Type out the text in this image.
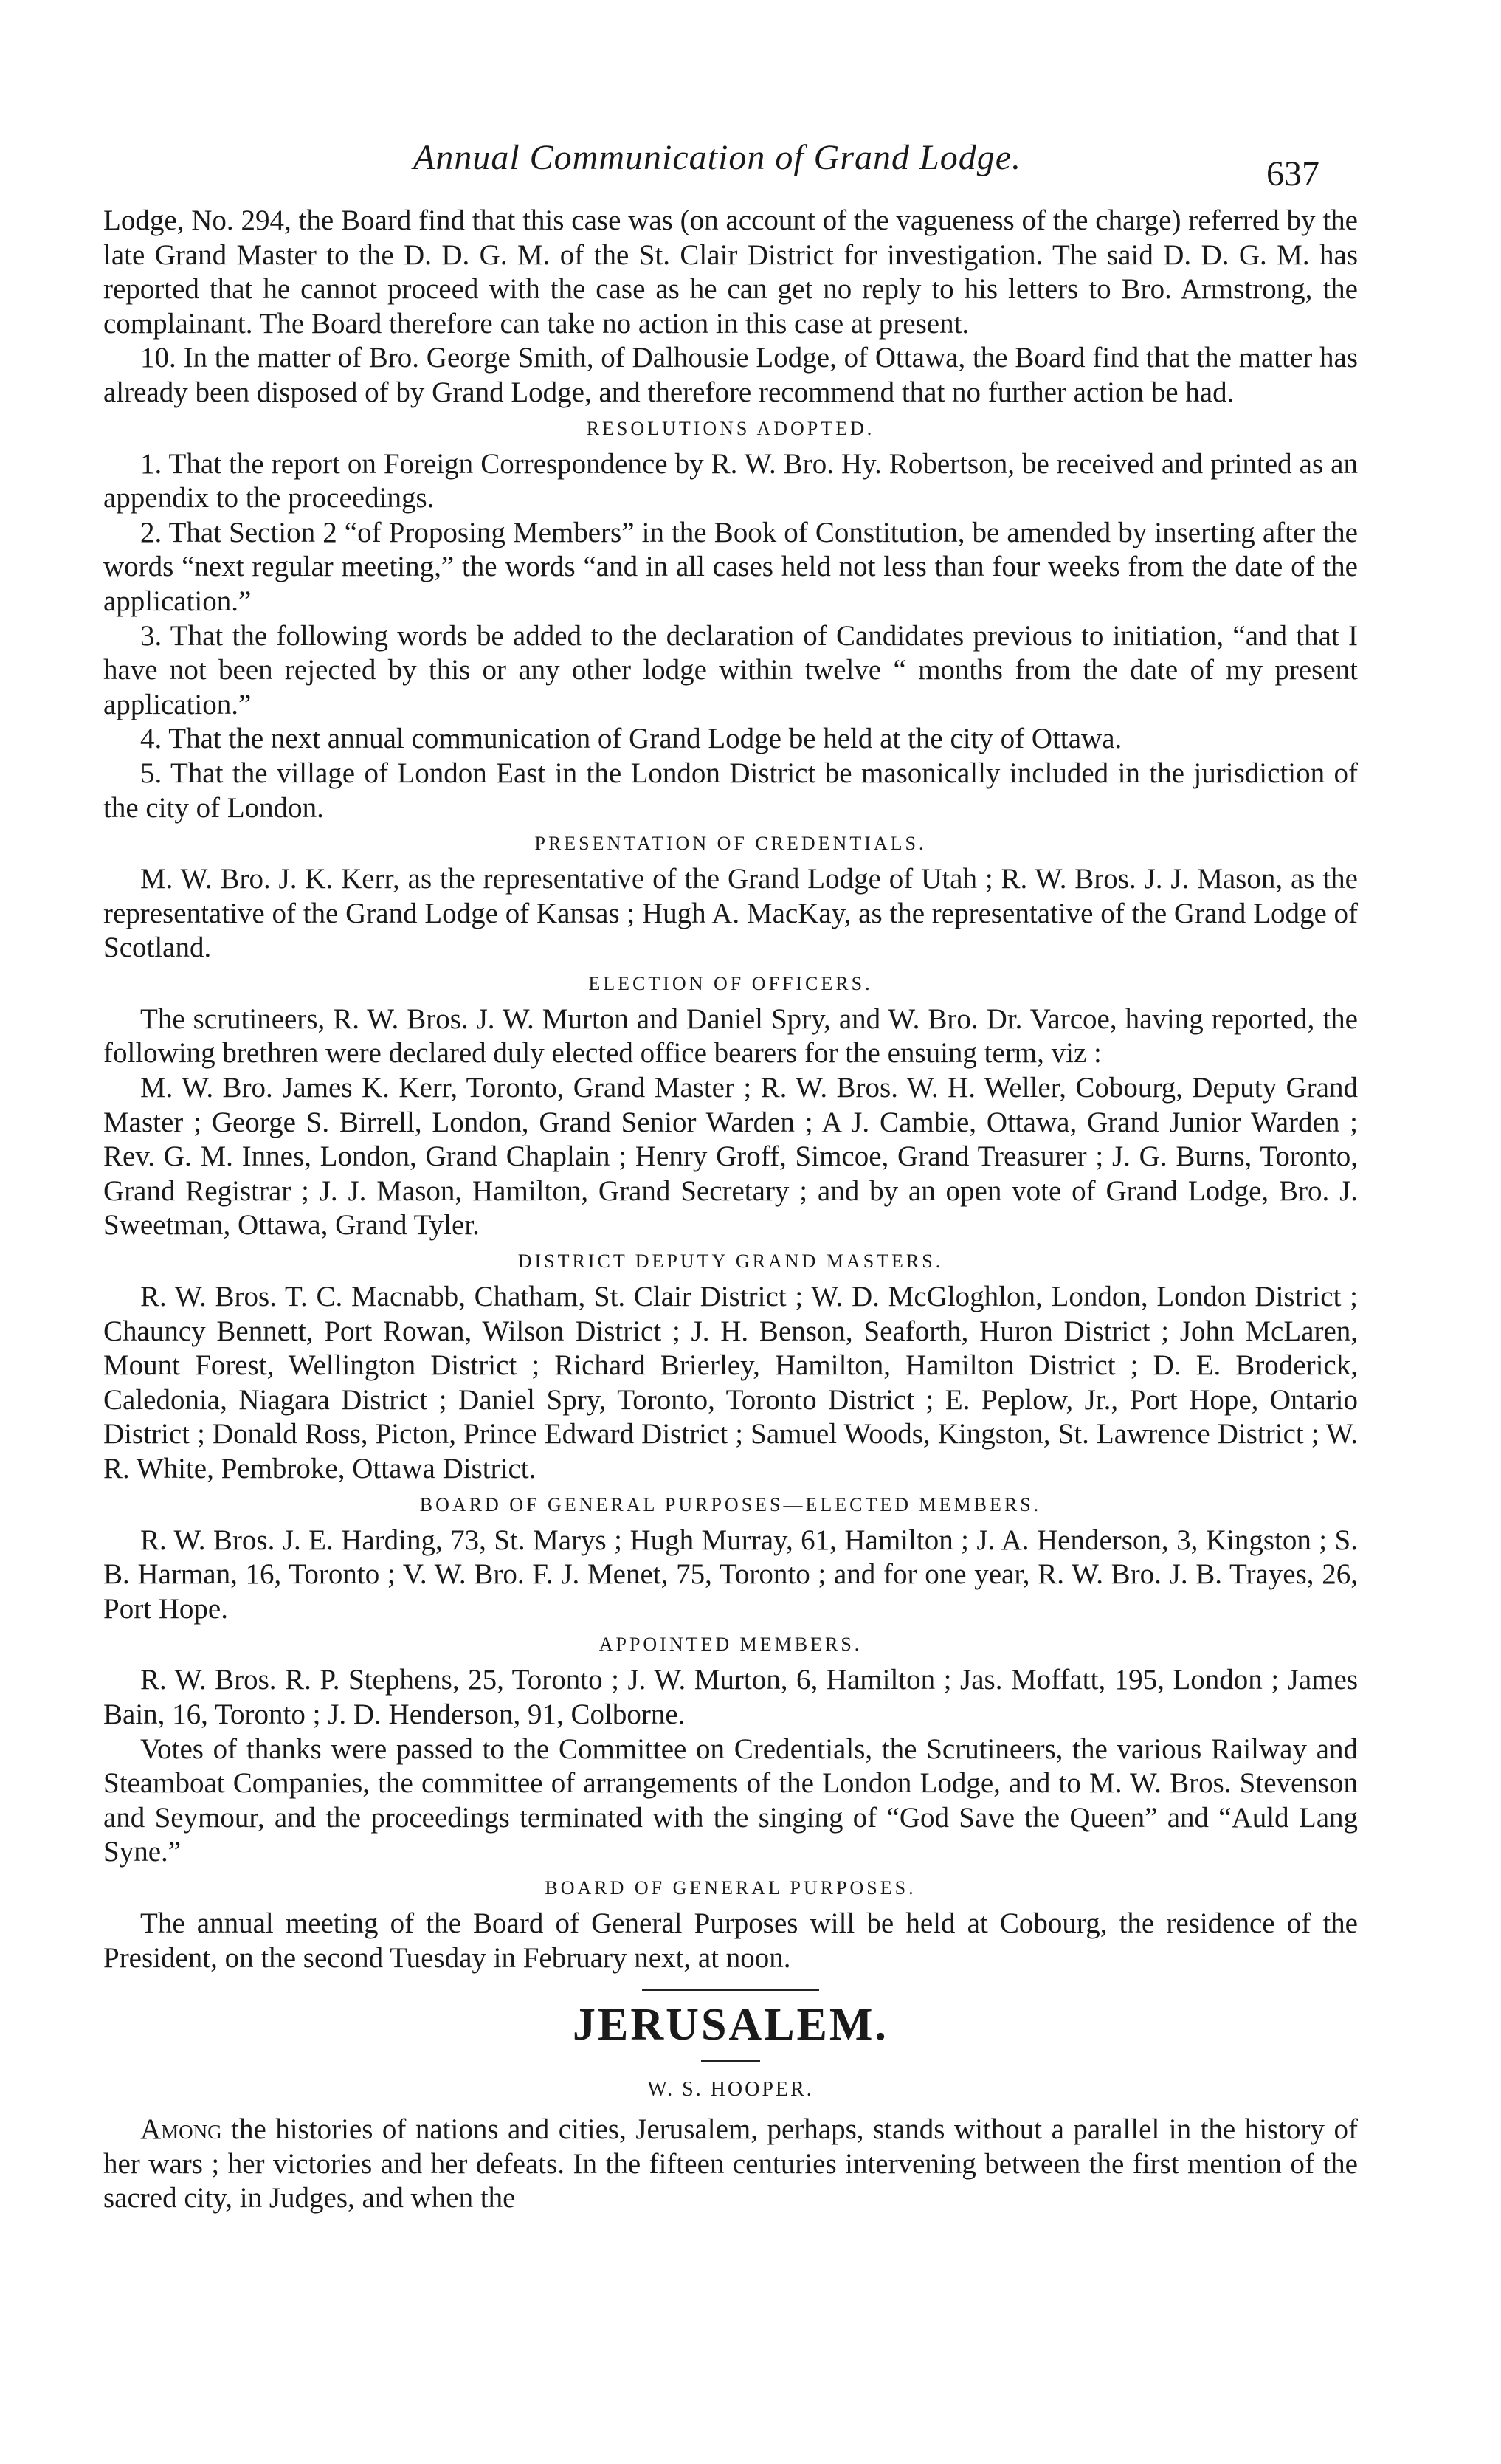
Annual Communication of Grand Lodge.	637

Lodge, No. 294, the Board find that this case was (on account of the vagueness of the charge) referred by the late Grand Master to the D. D. G. M. of the St. Clair District for investigation. The said D. D. G. M. has reported that he cannot proceed with the case as he can get no reply to his letters to Bro. Armstrong, the complainant. The Board therefore can take no action in this case at present.

10. In the matter of Bro. George Smith, of Dalhousie Lodge, of Ottawa, the Board find that the matter has already been disposed of by Grand Lodge, and therefore recommend that no further action be had.

RESOLUTIONS ADOPTED.

1. That the report on Foreign Correspondence by R. W. Bro. Hy. Robertson, be received and printed as an appendix to the proceedings.

2. That Section 2 “of Proposing Members” in the Book of Constitution, be amended by inserting after the words “next regular meeting,” the words “and in all cases held not less than four weeks from the date of the application.”

3. That the following words be added to the declaration of Candidates previous to initiation, “and that I have not been rejected by this or any other lodge within twelve “ months from the date of my present application.”

4. That the next annual communication of Grand Lodge be held at the city of Ottawa.

5. That the village of London East in the London District be masonically included in the jurisdiction of the city of London.

PRESENTATION OF CREDENTIALS.

M. W. Bro. J. K. Kerr, as the representative of the Grand Lodge of Utah ; R. W. Bros. J. J. Mason, as the representative of the Grand Lodge of Kansas ; Hugh A. MacKay, as the representative of the Grand Lodge of Scotland.

ELECTION OF OFFICERS.

The scrutineers, R. W. Bros. J. W. Murton and Daniel Spry, and W. Bro. Dr. Varcoe, having reported, the following brethren were declared duly elected office bearers for the ensuing term, viz :

M. W. Bro. James K. Kerr, Toronto, Grand Master ; R. W. Bros. W. H. Weller, Cobourg, Deputy Grand Master ; George S. Birrell, London, Grand Senior Warden ; A J. Cambie, Ottawa, Grand Junior Warden ; Rev. G. M. Innes, London, Grand Chaplain ; Henry Groff, Simcoe, Grand Treasurer ; J. G. Burns, Toronto, Grand Registrar ; J. J. Mason, Hamilton, Grand Secretary ; and by an open vote of Grand Lodge, Bro. J. Sweetman, Ottawa, Grand Tyler.

DISTRICT DEPUTY GRAND MASTERS.

R. W. Bros. T. C. Macnabb, Chatham, St. Clair District ; W. D. McGloghlon, London, London District ; Chauncy Bennett, Port Rowan, Wilson District ; J. H. Benson, Seaforth, Huron District ; John McLaren, Mount Forest, Wellington District ; Richard Brierley, Hamilton, Hamilton District ; D. E. Broderick, Caledonia, Niagara District ; Daniel Spry, Toronto, Toronto District ; E. Peplow, Jr., Port Hope, Ontario District ; Donald Ross, Picton, Prince Edward District ; Samuel Woods, Kingston, St. Lawrence District ; W. R. White, Pembroke, Ottawa District.

BOARD OF GENERAL PURPOSES—ELECTED MEMBERS.

R. W. Bros. J. E. Harding, 73, St. Marys ; Hugh Murray, 61, Hamilton ; J. A. Henderson, 3, Kingston ; S. B. Harman, 16, Toronto ; V. W. Bro. F. J. Menet, 75, Toronto ; and for one year, R. W. Bro. J. B. Trayes, 26, Port Hope.

APPOINTED MEMBERS.

R. W. Bros. R. P. Stephens, 25, Toronto ; J. W. Murton, 6, Hamilton ; Jas. Moffatt, 195, London ; James Bain, 16, Toronto ; J. D. Henderson, 91, Colborne.

Votes of thanks were passed to the Committee on Credentials, the Scrutineers, the various Railway and Steamboat Companies, the committee of arrangements of the London Lodge, and to M. W. Bros. Stevenson and Seymour, and the proceedings terminated with the singing of “God Save the Queen” and “Auld Lang Syne.”

BOARD OF GENERAL PURPOSES.

The annual meeting of the Board of General Purposes will be held at Cobourg, the residence of the President, on the second Tuesday in February next, at noon.

JERUSALEM.
W. S. HOOPER.

Among the histories of nations and cities, Jerusalem, perhaps, stands without a parallel in the history of her wars ; her victories and her defeats. In the fifteen centuries intervening between the first mention of the sacred city, in Judges, and when the
